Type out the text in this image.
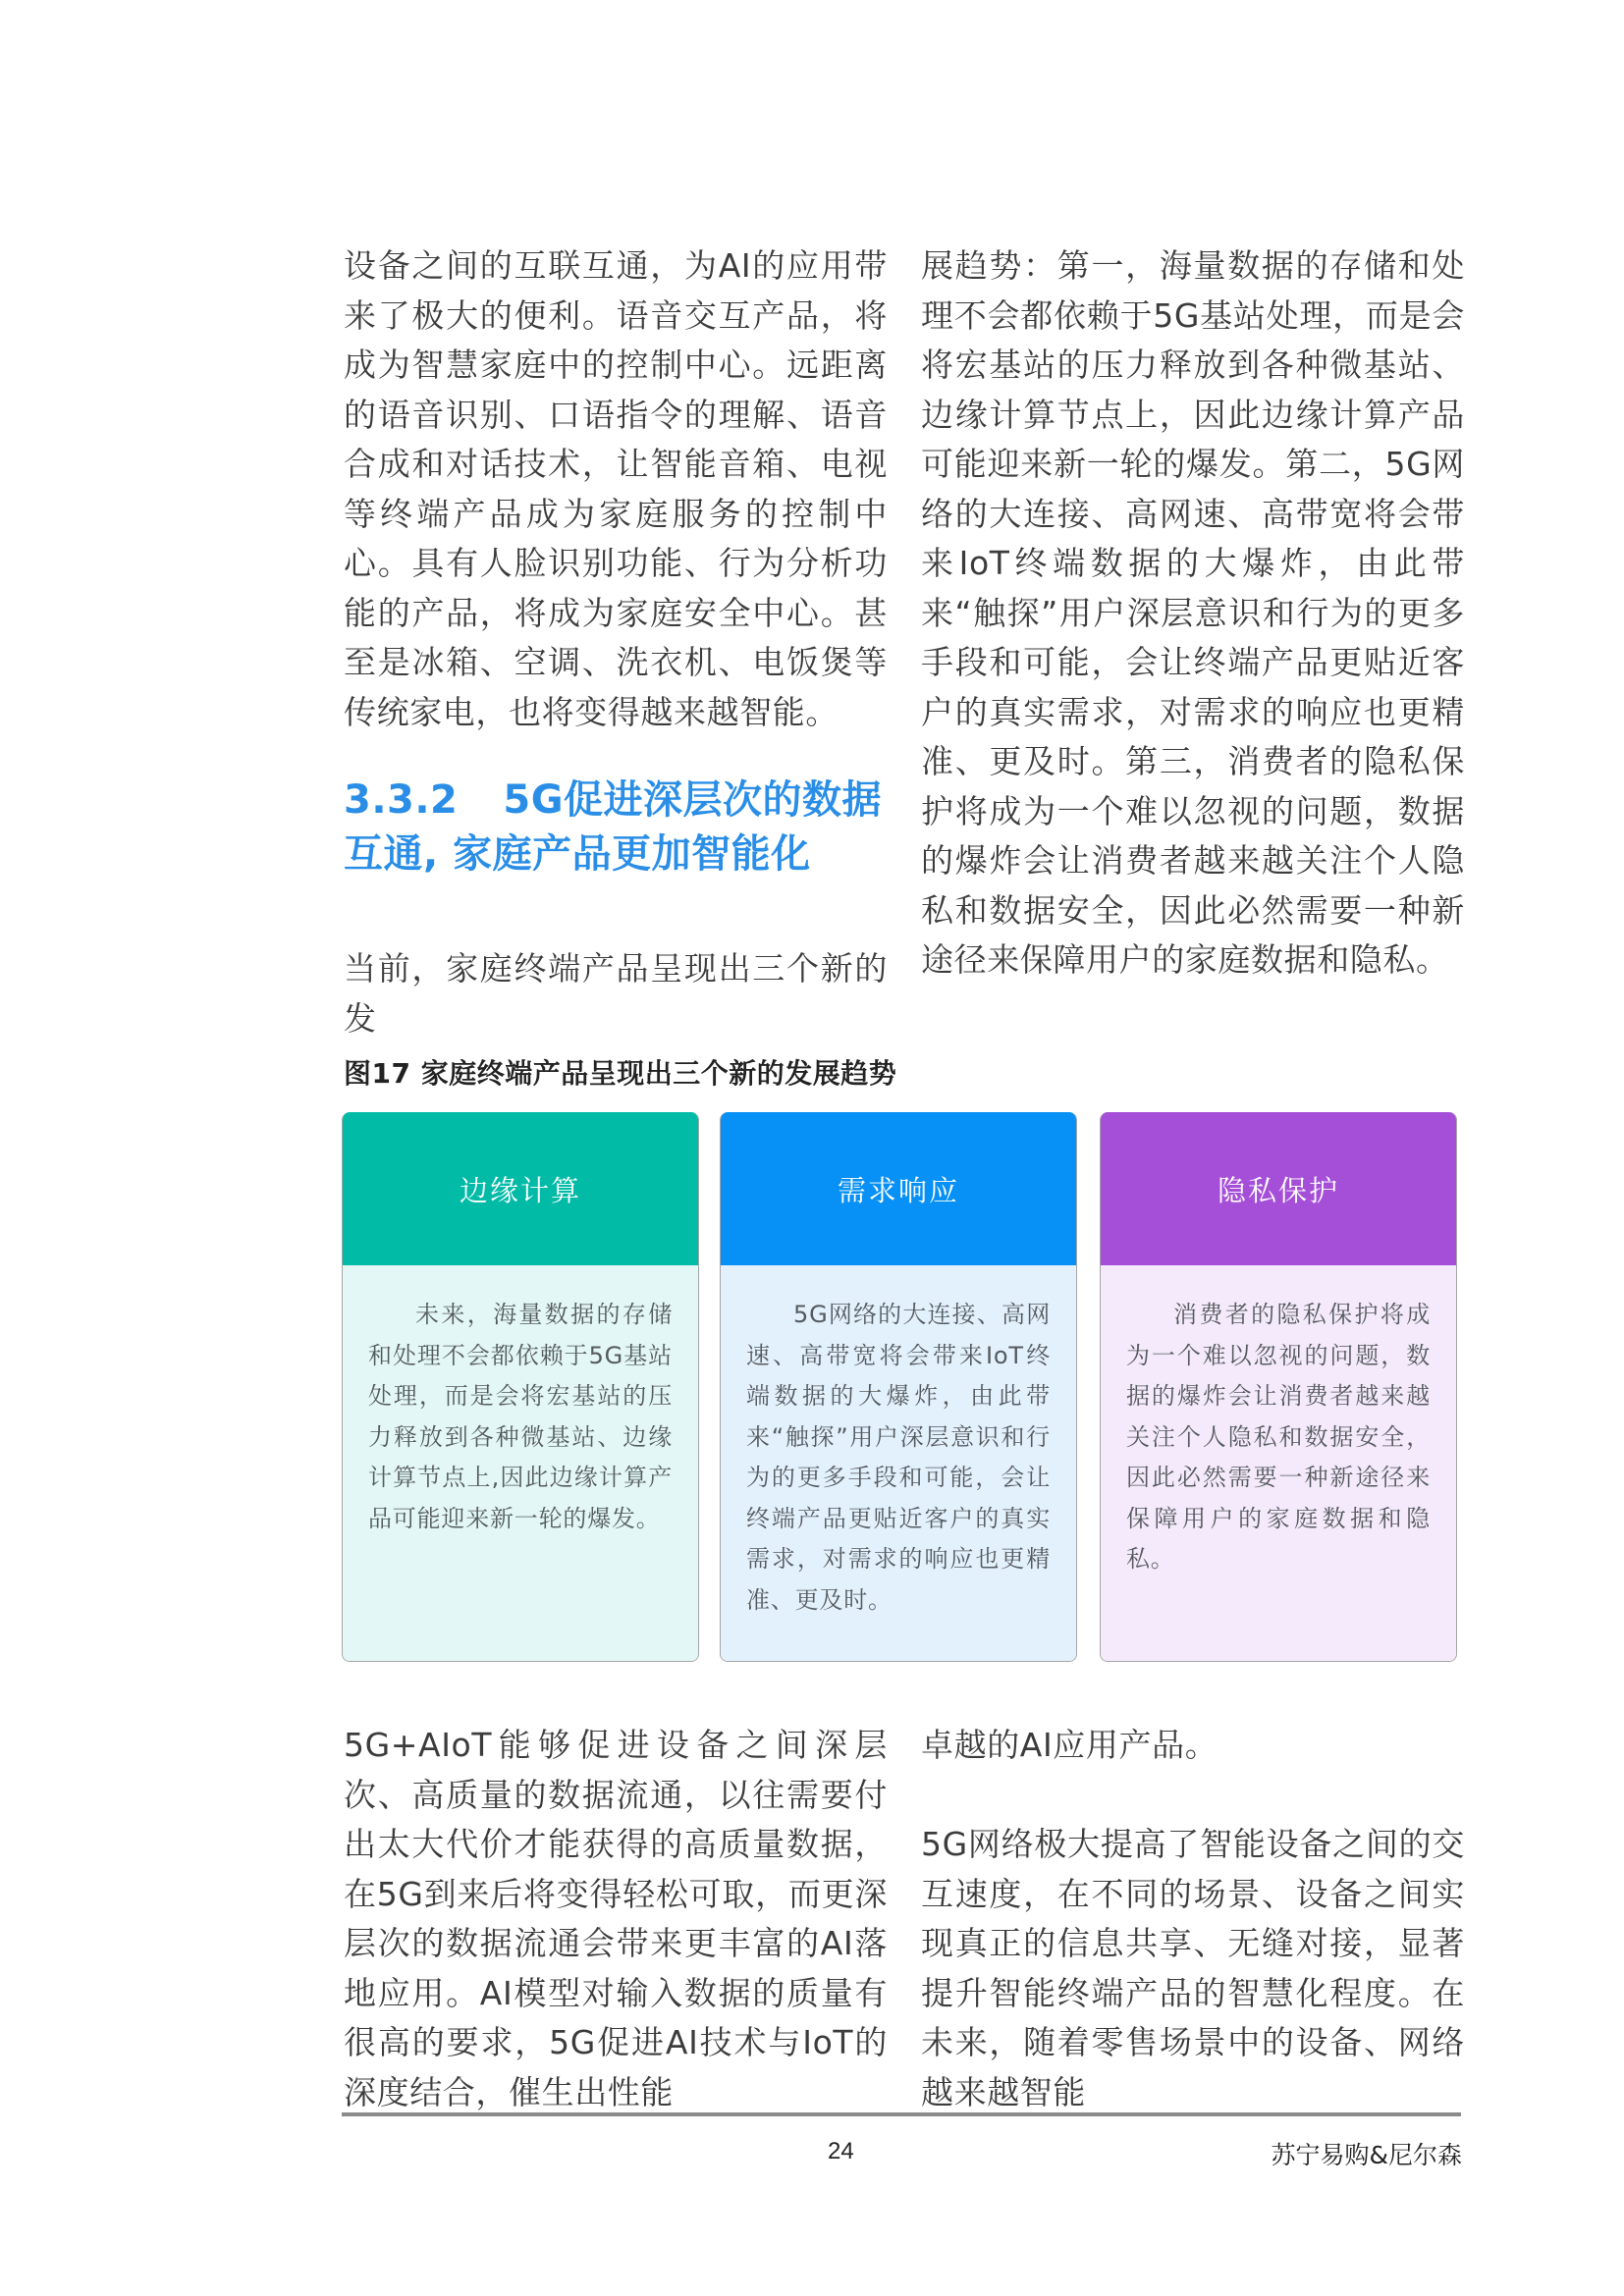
设备之间的互联互通，为AI的应用带来了极大的便利。语音交互产品，将成为智慧家庭中的控制中心。远距离的语音识别、口语指令的理解、语音合成和对话技术，让智能音箱、电视等终端产品成为家庭服务的控制中心。具有人脸识别功能、行为分析功能的产品，将成为家庭安全中心。甚至是冰箱、空调、洗衣机、电饭煲等传统家电，也将变得越来越智能。

3.3.2 5G促进深层次的数据互通, 家庭产品更加智能化

当前，家庭终端产品呈现出三个新的发

展趋势：第一，海量数据的存储和处理不会都依赖于5G基站处理，而是会将宏基站的压力释放到各种微基站、边缘计算节点上，因此边缘计算产品可能迎来新一轮的爆发。第二，5G网络的大连接、高网速、高带宽将会带来IoT终端数据的大爆炸，由此带来“触探”用户深层意识和行为的更多手段和可能，会让终端产品更贴近客户的真实需求，对需求的响应也更精准、更及时。第三，消费者的隐私保护将成为一个难以忽视的问题，数据的爆炸会让消费者越来越关注个人隐私和数据安全，因此必然需要一种新途径来保障用户的家庭数据和隐私。

图17 家庭终端产品呈现出三个新的发展趋势
边缘计算
未来，海量数据的存储和处理不会都依赖于5G基站处理，而是会将宏基站的压力释放到各种微基站、边缘计算节点上,因此边缘计算产品可能迎来新一轮的爆发。
需求响应
5G网络的大连接、高网速、高带宽将会带来IoT终端数据的大爆炸，由此带来“触探”用户深层意识和行为的更多手段和可能，会让终端产品更贴近客户的真实需求，对需求的响应也更精准、更及时。
隐私保护
消费者的隐私保护将成为一个难以忽视的问题，数据的爆炸会让消费者越来越关注个人隐私和数据安全，因此必然需要一种新途径来保障用户的家庭数据和隐私。

5G+AIoT能够促进设备之间深层次、高质量的数据流通，以往需要付出太大代价才能获得的高质量数据，在5G到来后将变得轻松可取，而更深层次的数据流通会带来更丰富的AI落地应用。AI模型对输入数据的质量有很高的要求，5G促进AI技术与IoT的深度结合，催生出性能

卓越的AI应用产品。

5G网络极大提高了智能设备之间的交互速度，在不同的场景、设备之间实现真正的信息共享、无缝对接，显著提升智能终端产品的智慧化程度。在未来，随着零售场景中的设备、网络越来越智能

24	苏宁易购&尼尔森
